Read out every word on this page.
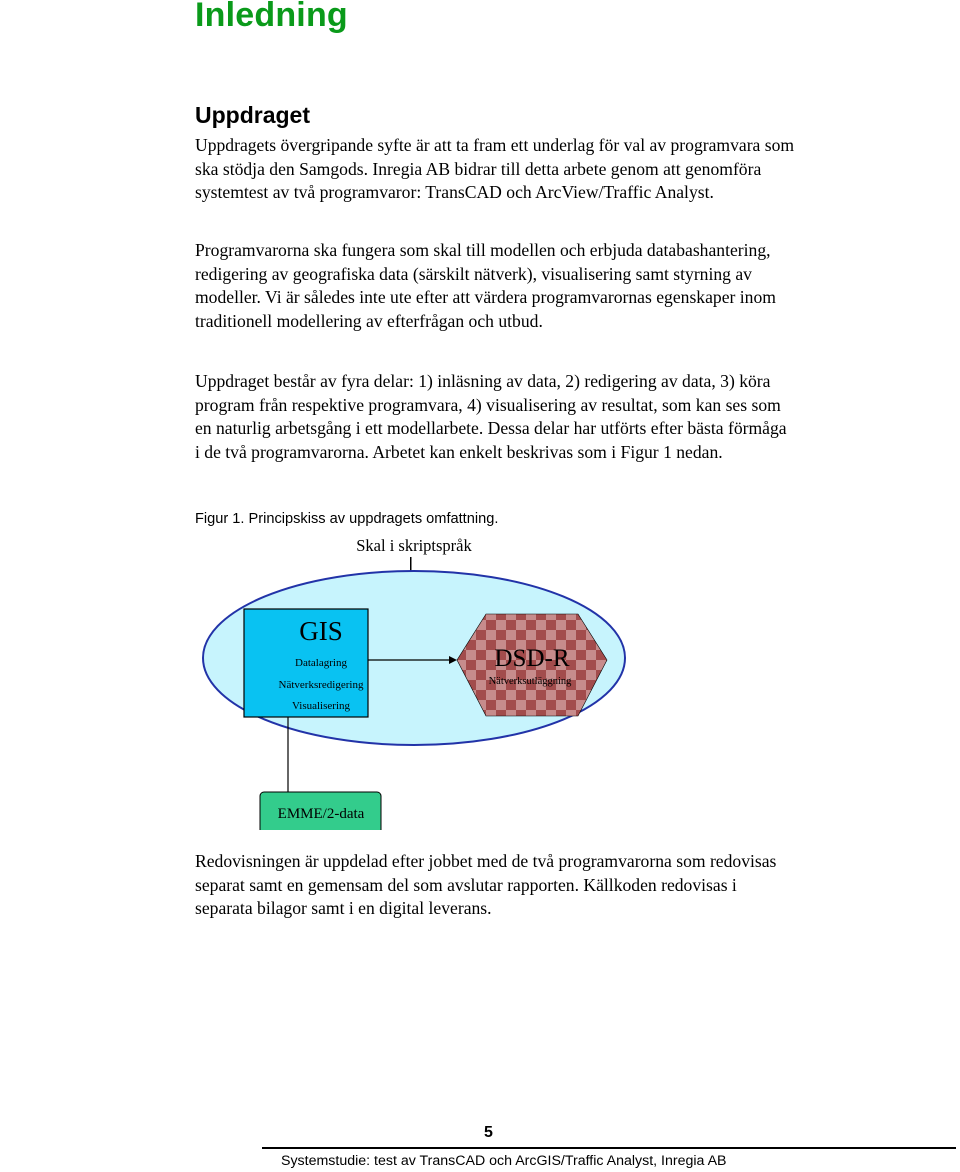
Inledning
Uppdraget

Uppdragets övergripande syfte är att ta fram ett underlag för val av programvara som ska stödja den Samgods. Inregia AB bidrar till detta arbete genom att genomföra systemtest av två programvaror: TransCAD och ArcView/Traffic Analyst.

Programvarorna ska fungera som skal till modellen och erbjuda databashantering, redigering av geografiska data (särskilt nätverk), visualisering samt styrning av modeller. Vi är således inte ute efter att värdera programvarornas egenskaper inom traditionell modellering av efterfrågan och utbud.

Uppdraget består av fyra delar: 1) inläsning av data, 2) redigering av data, 3) köra program från respektive programvara, 4) visualisering av resultat, som kan ses som en naturlig arbetsgång i ett modellarbete. Dessa delar har utförts efter bästa förmåga i de två programvarorna. Arbetet kan enkelt beskrivas som i Figur 1 nedan.

Figur 1. Principskiss av uppdragets omfattning.

Skal i skriptspråk
GIS
Datalagring
Nätverksredigering
Visualisering
DSD-R
Nätverksutläggning
EMME/2-data

Redovisningen är uppdelad efter jobbet med de två programvarorna som redovisas separat samt en gemensam del som avslutar rapporten. Källkoden redovisas i separata bilagor samt i en digital leverans.

5

Systemstudie: test av TransCAD och ArcGIS/Traffic Analyst, Inregia AB
